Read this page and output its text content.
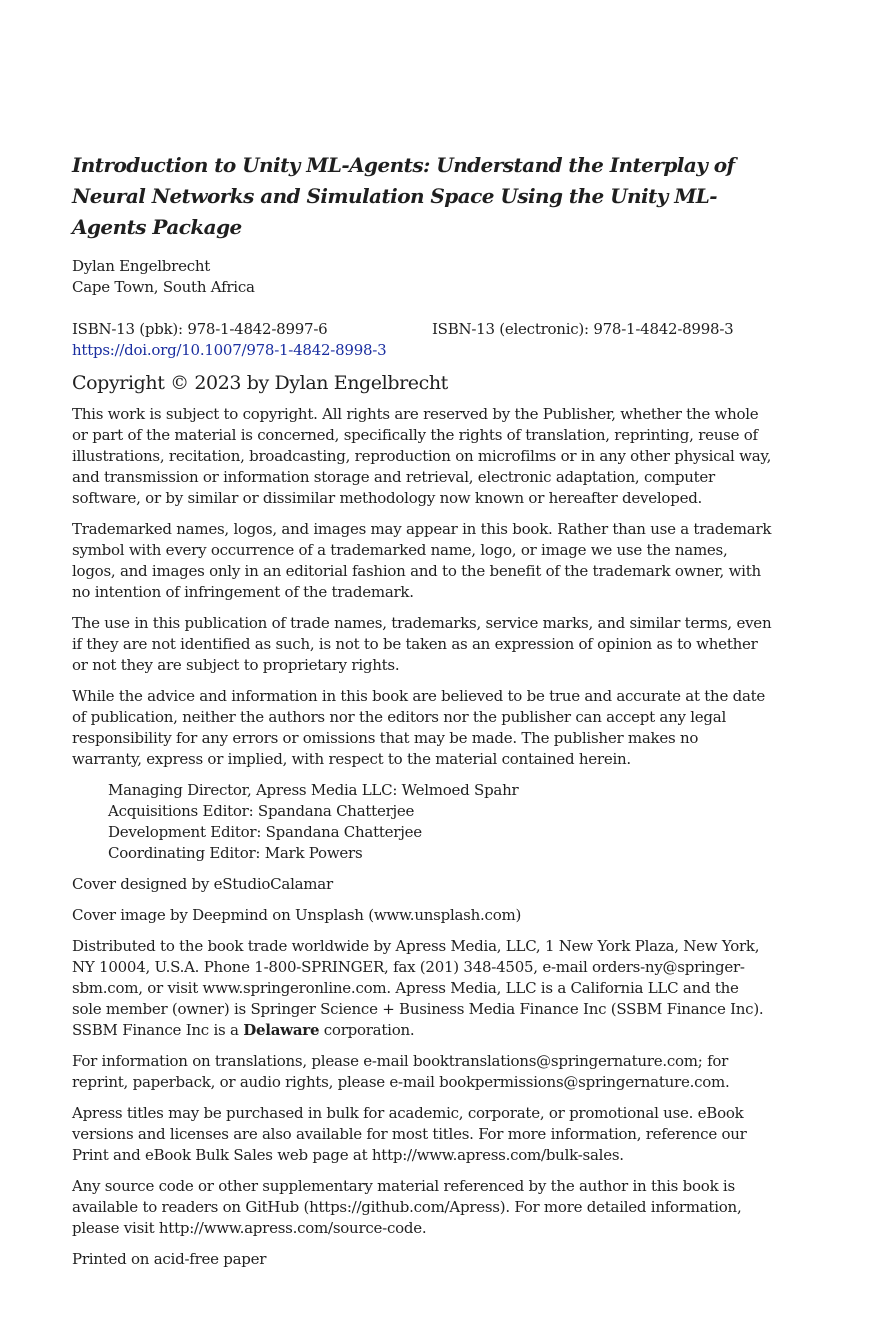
Introduction to Unity ML-Agents: Understand the Interplay of Neural Networks and Simulation Space Using the Unity ML-Agents Package
Dylan Engelbrecht
Cape Town, South Africa
ISBN-13 (pbk): 978-1-4842-8997-6	ISBN-13 (electronic): 978-1-4842-8998-3
https://doi.org/10.1007/978-1-4842-8998-3
Copyright © 2023 by Dylan Engelbrecht

This work is subject to copyright. All rights are reserved by the Publisher, whether the whole or part of the material is concerned, specifically the rights of translation, reprinting, reuse of illustrations, recitation, broadcasting, reproduction on microfilms or in any other physical way, and transmission or information storage and retrieval, electronic adaptation, computer software, or by similar or dissimilar methodology now known or hereafter developed.

Trademarked names, logos, and images may appear in this book. Rather than use a trademark symbol with every occurrence of a trademarked name, logo, or image we use the names, logos, and images only in an editorial fashion and to the benefit of the trademark owner, with no intention of infringement of the trademark.

The use in this publication of trade names, trademarks, service marks, and similar terms, even if they are not identified as such, is not to be taken as an expression of opinion as to whether or not they are subject to proprietary rights.

While the advice and information in this book are believed to be true and accurate at the date of publication, neither the authors nor the editors nor the publisher can accept any legal responsibility for any errors or omissions that may be made. The publisher makes no warranty, express or implied, with respect to the material contained herein.

Managing Director, Apress Media LLC: Welmoed Spahr
Acquisitions Editor: Spandana Chatterjee
Development Editor: Spandana Chatterjee
Coordinating Editor: Mark Powers

Cover designed by eStudioCalamar

Cover image by Deepmind on Unsplash (www.unsplash.com)

Distributed to the book trade worldwide by Apress Media, LLC, 1 New York Plaza, New York, NY 10004, U.S.A. Phone 1-800-SPRINGER, fax (201) 348-4505, e-mail orders-ny@springer-sbm.com, or visit www.springeronline.com. Apress Media, LLC is a California LLC and the sole member (owner) is Springer Science + Business Media Finance Inc (SSBM Finance Inc). SSBM Finance Inc is a Delaware corporation.

For information on translations, please e-mail booktranslations@springernature.com; for reprint, paperback, or audio rights, please e-mail bookpermissions@springernature.com.

Apress titles may be purchased in bulk for academic, corporate, or promotional use. eBook versions and licenses are also available for most titles. For more information, reference our Print and eBook Bulk Sales web page at http://www.apress.com/bulk-sales.

Any source code or other supplementary material referenced by the author in this book is available to readers on GitHub (https://github.com/Apress). For more detailed information, please visit http://www.apress.com/source-code.

Printed on acid-free paper
